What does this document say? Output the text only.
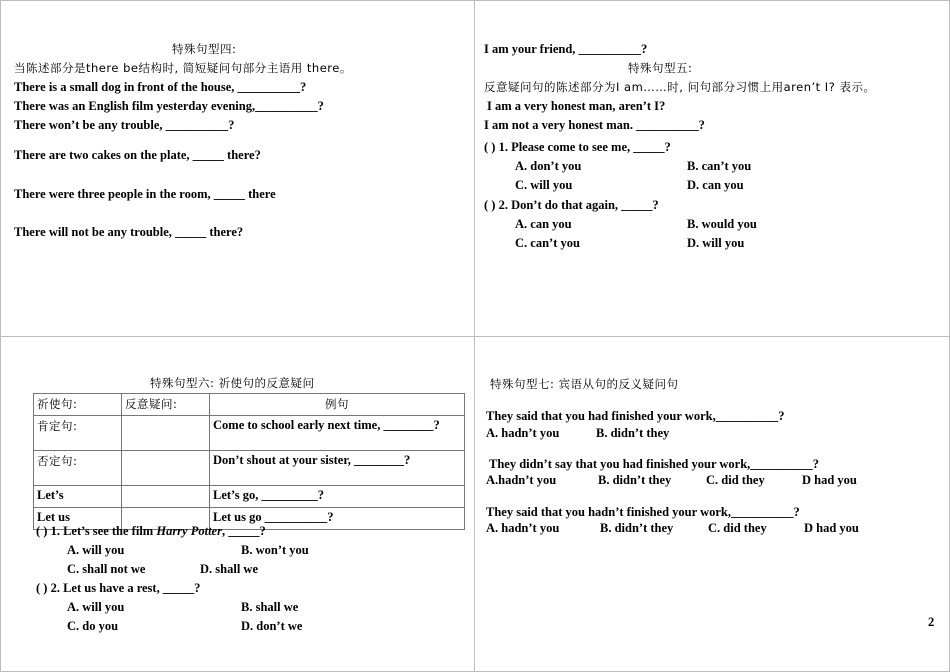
特殊句型四:
当陈述部分是there be结构时, 简短疑问句部分主语用 there。
There is a small dog in front of the house, __________?
There was an English film yesterday evening,__________?
There won’t be any trouble, __________?
There are two cakes on the plate, _____ there?
There were three people in the room, _____ there
There will not be any trouble, _____ there?
I am your friend, __________?
特殊句型五:
反意疑问句的陈述部分为I am……时, 问句部分习惯上用aren’t I? 表示。
I am a very honest man, aren’t I?
I am not a very honest man. __________?
( ) 1. Please come to see me, _____?
A. don’t you	B. can’t you
C. will you	D. can you
( ) 2. Don’t do that again, _____?
A. can you	B. would you
C. can’t you	D. will you
特殊句型六: 祈使句的反意疑问
祈使句:	反意疑问:	例句
肯定句:		Come to school early next time, ________?
否定句:		Don’t shout at your sister, ________?
Let’s		Let’s go, _________?
Let us		Let us go __________?
( ) 1. Let’s see the film Harry Potter, _____?
A. will you	B. won’t you
C. shall not we	D. shall we
( ) 2. Let us have a rest, _____?
A. will you	B. shall we
C. do you	D. don’t we
特殊句型七: 宾语从句的反义疑问句
They said that you had finished your work,__________?
A. hadn’t you	B. didn’t they
They didn’t say that you had finished your work,__________?
A.hadn’t you	B. didn’t they	C. did they	D had you
They said that you hadn’t finished your work,__________?
A. hadn’t you	B. didn’t they	C. did they	D had you
2
